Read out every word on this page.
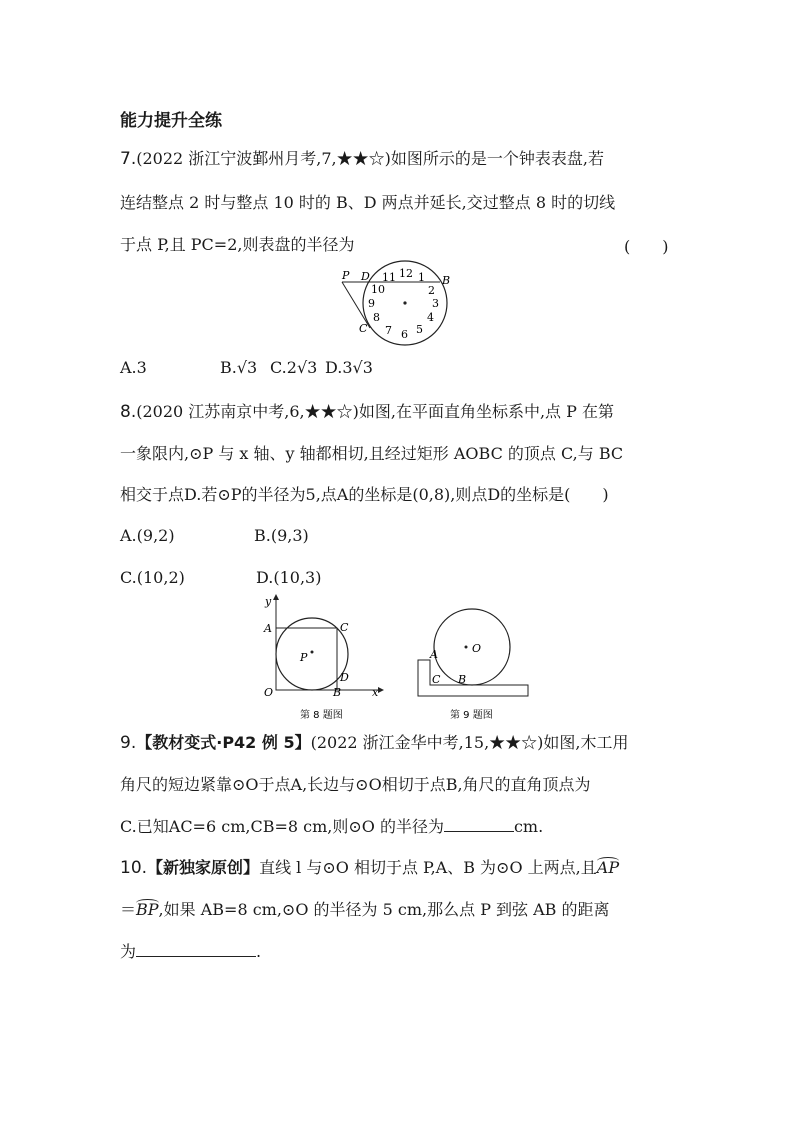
能力提升全练
7.(2022 浙江宁波鄞州月考,7,★★☆)如图所示的是一个钟表表盘,若
连结整点 2 时与整点 10 时的 B、D 两点并延长,交过整点 8 时的切线
于点 P,且 PC=2,则表盘的半径为	(　　)
12 1
2
3
4
5
6
7
8
9
10
11
P D	B
C
A.3	B.√3 C.2√3 D.3√3
8.(2020 江苏南京中考,6,★★☆)如图,在平面直角坐标系中,点 P 在第
一象限内,⊙P 与 x 轴、y 轴都相切,且经过矩形 AOBC 的顶点 C,与 BC
相交于点D.若⊙P的半径为5,点A的坐标是(0,8),则点D的坐标是(　　)
A.(9,2)	B.(9,3)
C.(10,2)	D.(10,3)
y
A	C
P
D
O	B	x
第 8 题图
O
A
C B
第 9 题图
9.【教材变式·P42 例 5】(2022 浙江金华中考,15,★★☆)如图,木工用
角尺的短边紧靠⊙O于点A,长边与⊙O相切于点B,角尺的直角顶点为
C.已知AC=6 cm,CB=8 cm,则⊙O 的半径为	cm.
10.【新独家原创】直线 l 与⊙O 相切于点 P,A、B 为⊙O 上两点,且AP
＝BP,如果 AB=8 cm,⊙O 的半径为 5 cm,那么点 P 到弦 AB 的距离
为	.
